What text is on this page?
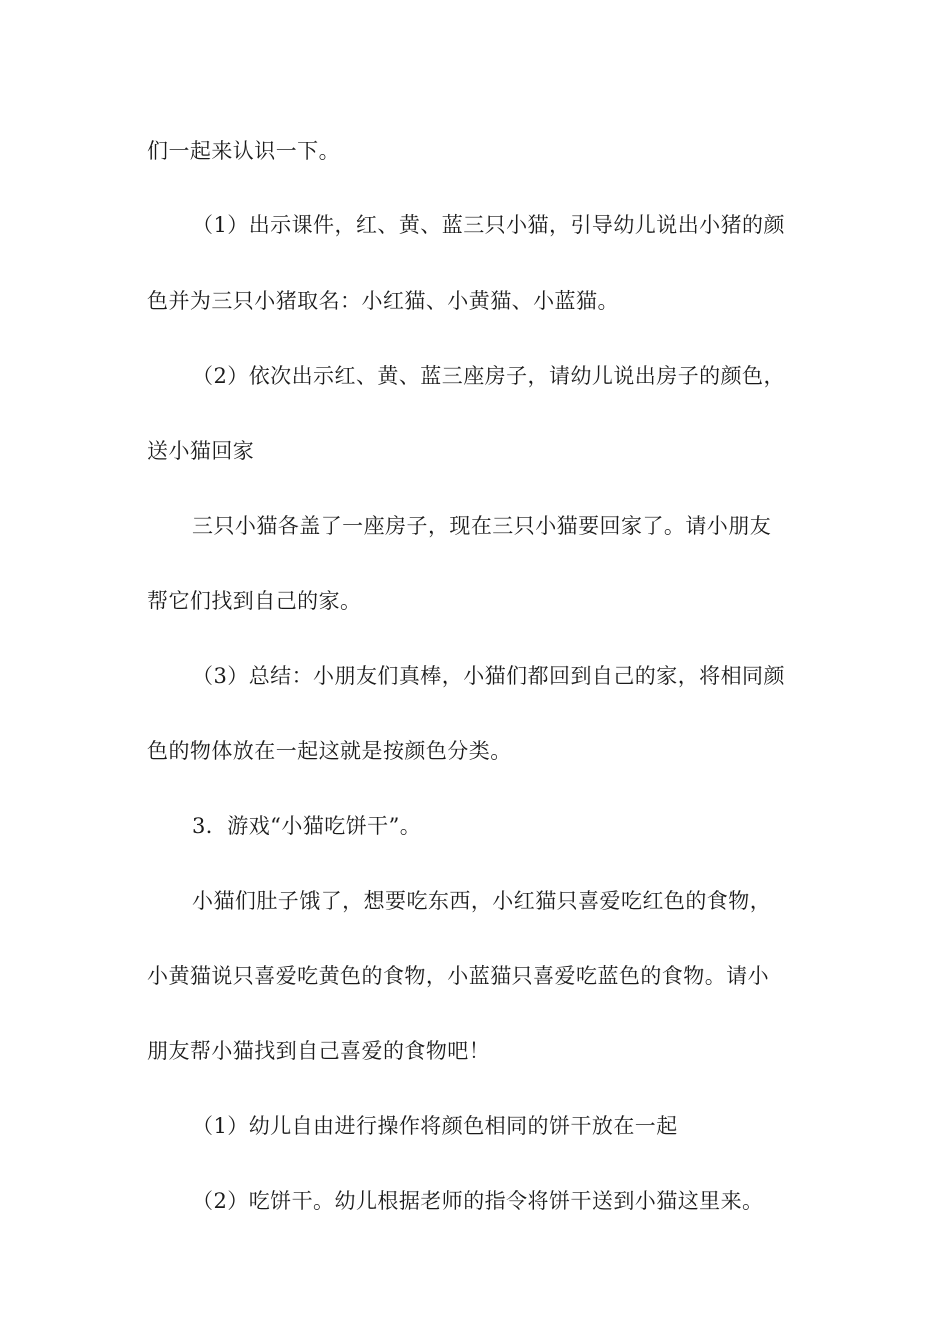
们一起来认识一下。
（1）出示课件，红、黄、蓝三只小猫，引导幼儿说出小猪的颜
色并为三只小猪取名：小红猫、小黄猫、小蓝猫。
（2）依次出示红、黄、蓝三座房子，请幼儿说出房子的颜色，
送小猫回家
三只小猫各盖了一座房子，现在三只小猫要回家了。请小朋友
帮它们找到自己的家。
（3）总结：小朋友们真棒，小猫们都回到自己的家，将相同颜
色的物体放在一起这就是按颜色分类。
3．游戏“小猫吃饼干”。
小猫们肚子饿了，想要吃东西，小红猫只喜爱吃红色的食物，
小黄猫说只喜爱吃黄色的食物，小蓝猫只喜爱吃蓝色的食物。请小
朋友帮小猫找到自己喜爱的食物吧！
（1）幼儿自由进行操作将颜色相同的饼干放在一起
（2）吃饼干。幼儿根据老师的指令将饼干送到小猫这里来。
